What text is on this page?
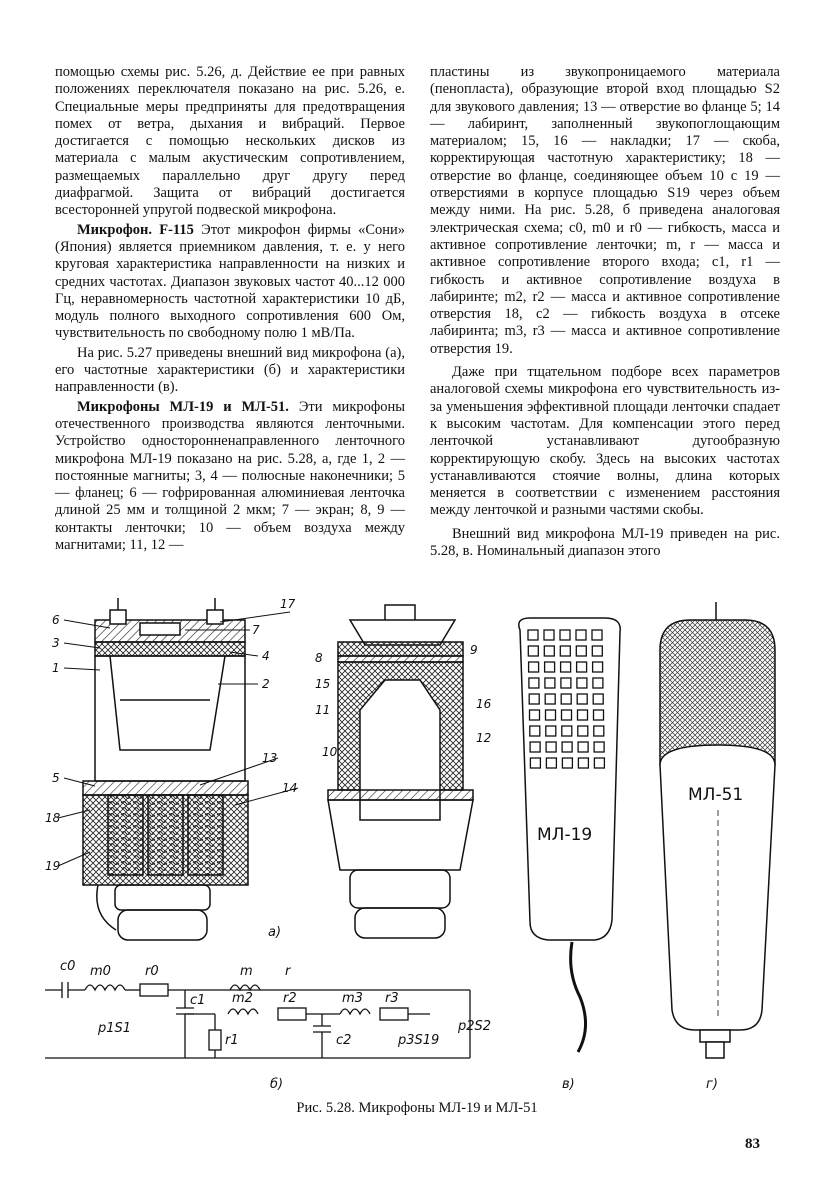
помощью схемы рис. 5.26, д. Действие ее при равных положениях переключателя показано на рис. 5.26, е. Специальные меры предприняты для предотвращения помех от ветра, дыхания и вибраций. Первое достигается с помощью нескольких дисков из материала с малым акустическим сопротивлением, размещаемых параллельно друг другу перед диафрагмой. Защита от вибраций достигается всесторонней упругой подвеской микрофона.

Микрофон. F-115 Этот микрофон фирмы «Сони» (Япония) является приемником давления, т. е. у него круговая характеристика направленности на низких и средних частотах. Диапазон звуковых частот 40...12 000 Гц, неравномерность частотной характеристики 10 дБ, модуль полного выходного сопротивления 600 Ом, чувствительность по свободному полю 1 мВ/Па.

На рис. 5.27 приведены внешний вид микрофона (а), его частотные характеристики (б) и характеристики направленности (в).

Микрофоны МЛ-19 и МЛ-51. Эти микрофоны отечественного производства являются ленточными. Устройство односторонненаправленного ленточного микрофона МЛ-19 показано на рис. 5.28, а, где 1, 2 — постоянные магниты; 3, 4 — полюсные наконечники; 5 — фланец; 6 — гофрированная алюминиевая ленточка длиной 25 мм и толщиной 2 мкм; 7 — экран; 8, 9 — контакты ленточки; 10 — объем воздуха между магнитами; 11, 12 —

пластины из звукопроницаемого материала (пенопласта), образующие второй вход площадью S2 для звукового давления; 13 — отверстие во фланце 5; 14 — лабиринт, заполненный звукопоглощающим материалом; 15, 16 — накладки; 17 — скоба, корректирующая частотную характеристику; 18 — отверстие во фланце, соединяющее объем 10 с 19 — отверстиями в корпусе площадью S19 через объем между ними. На рис. 5.28, б приведена аналоговая электрическая схема; c0, m0 и r0 — гибкость, масса и активное сопротивление ленточки; m, r — масса и активное сопротивление второго входа; c1, r1 — гибкость и активное сопротивление воздуха в лабиринте; m2, r2 — масса и активное сопротивление отверстия 18, c2 — гибкость воздуха в отсеке лабиринта; m3, r3 — масса и активное сопротивление отверстия 19.

Даже при тщательном подборе всех параметров аналоговой схемы микрофона его чувствительность из-за уменьшения эффективной площади ленточки спадает к высоким частотам. Для компенсации этого перед ленточкой устанавливают дугообразную корректирующую скобу. Здесь на высоких частотах устанавливаются стоячие волны, длина которых меняется в соответствии с изменением расстояния между ленточкой и разными частями скобы.

Внешний вид микрофона МЛ-19 приведен на рис. 5.28, в. Номинальный диапазон этого

6
3
1
4
2
7
17
5
13
14
18
19
8
9
15
11	16
12
10
а)
c0 m0	r0	m r
c1
r1
m2 r2	m3 r3
c2
p1S1	p2S2
p3S19
б)
МЛ-19
в)
МЛ-51
г)
Рис. 5.28. Микрофоны МЛ-19 и МЛ-51
83
